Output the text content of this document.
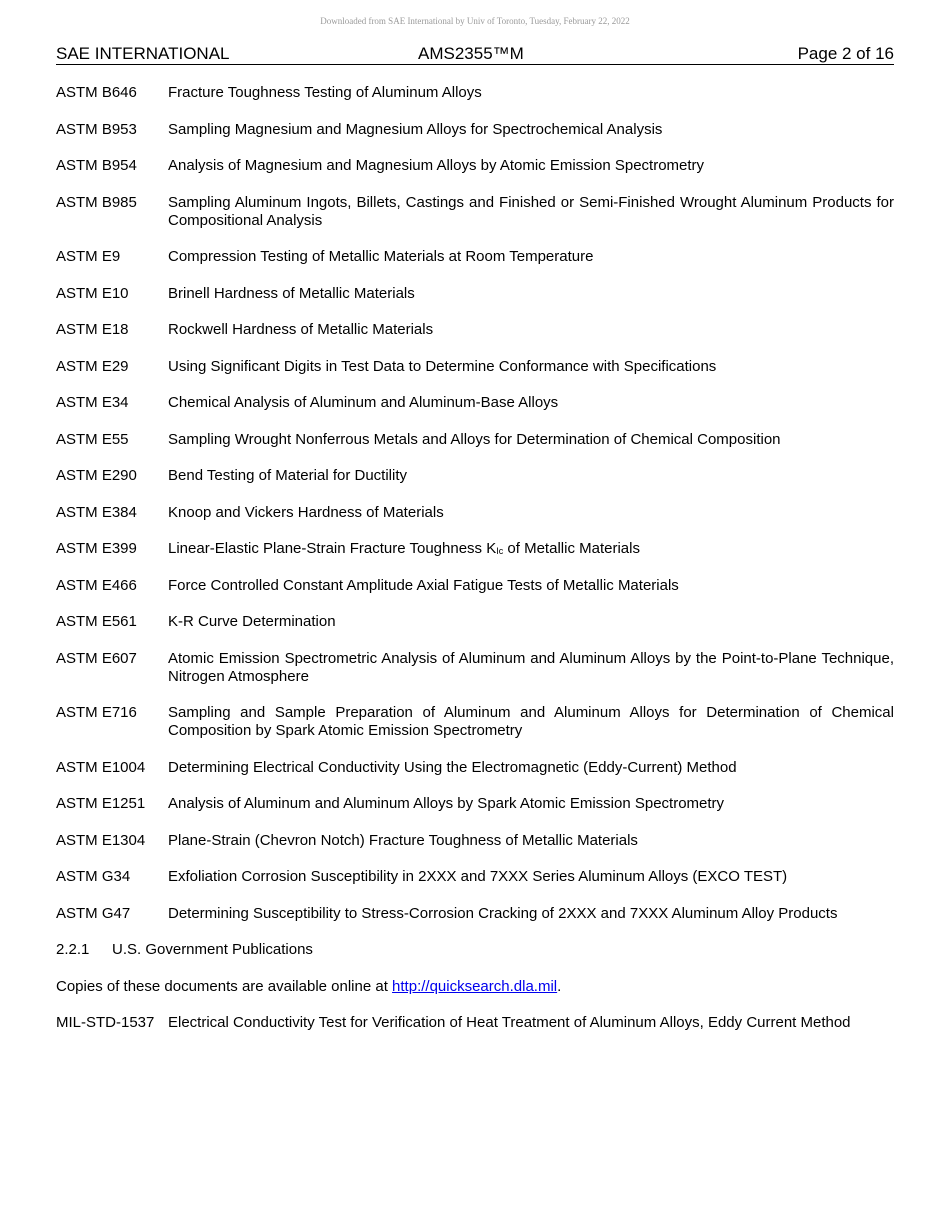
Downloaded from SAE International by Univ of Toronto, Tuesday, February 22, 2022
SAE INTERNATIONAL	AMS2355™M	Page 2 of 16
ASTM B646	Fracture Toughness Testing of Aluminum Alloys
ASTM B953	Sampling Magnesium and Magnesium Alloys for Spectrochemical Analysis
ASTM B954	Analysis of Magnesium and Magnesium Alloys by Atomic Emission Spectrometry
ASTM B985	Sampling Aluminum Ingots, Billets, Castings and Finished or Semi-Finished Wrought Aluminum Products for Compositional Analysis
ASTM E9	Compression Testing of Metallic Materials at Room Temperature
ASTM E10	Brinell Hardness of Metallic Materials
ASTM E18	Rockwell Hardness of Metallic Materials
ASTM E29	Using Significant Digits in Test Data to Determine Conformance with Specifications
ASTM E34	Chemical Analysis of Aluminum and Aluminum-Base Alloys
ASTM E55	Sampling Wrought Nonferrous Metals and Alloys for Determination of Chemical Composition
ASTM E290	Bend Testing of Material for Ductility
ASTM E384	Knoop and Vickers Hardness of Materials
ASTM E399	Linear-Elastic Plane-Strain Fracture Toughness $K_{Ic}$ of Metallic Materials
ASTM E466	Force Controlled Constant Amplitude Axial Fatigue Tests of Metallic Materials
ASTM E561	K-R Curve Determination
ASTM E607	Atomic Emission Spectrometric Analysis of Aluminum and Aluminum Alloys by the Point-to-Plane Technique, Nitrogen Atmosphere
ASTM E716	Sampling and Sample Preparation of Aluminum and Aluminum Alloys for Determination of Chemical Composition by Spark Atomic Emission Spectrometry
ASTM E1004	Determining Electrical Conductivity Using the Electromagnetic (Eddy-Current) Method
ASTM E1251	Analysis of Aluminum and Aluminum Alloys by Spark Atomic Emission Spectrometry
ASTM E1304	Plane-Strain (Chevron Notch) Fracture Toughness of Metallic Materials
ASTM G34	Exfoliation Corrosion Susceptibility in 2XXX and 7XXX Series Aluminum Alloys (EXCO TEST)
ASTM G47	Determining Susceptibility to Stress-Corrosion Cracking of 2XXX and 7XXX Aluminum Alloy Products
2.2.1	U.S. Government Publications
Copies of these documents are available online at http://quicksearch.dla.mil.
MIL-STD-1537 Electrical Conductivity Test for Verification of Heat Treatment of Aluminum Alloys, Eddy Current Method
